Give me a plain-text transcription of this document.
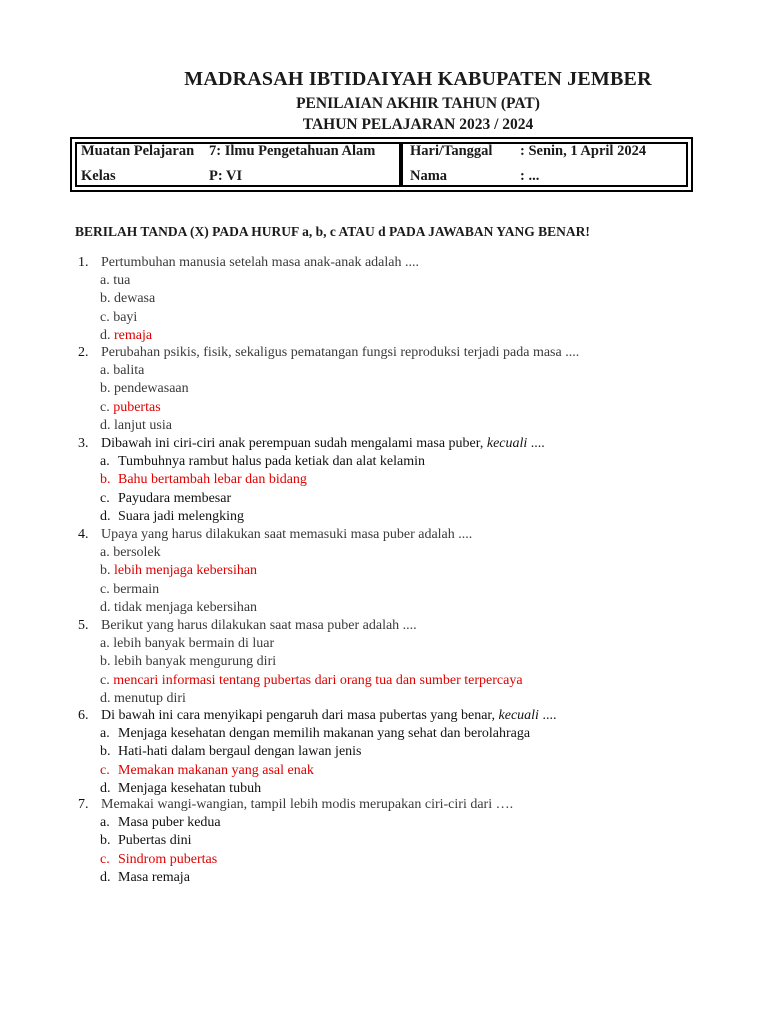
MADRASAH IBTIDAIYAH KABUPATEN JEMBER
PENILAIAN AKHIR TAHUN (PAT)
TAHUN PELAJARAN 2023 / 2024
Muatan Pelajaran 7: Ilmu Pengetahuan Alam
Kelas	P: VI
Hari/Tanggal : Senin, 1 April 2024
Nama	: ...
BERILAH TANDA (X) PADA HURUF a, b, c ATAU d PADA JAWABAN YANG BENAR!
1. Pertumbuhan manusia setelah masa anak-anak adalah ....
a. tua
b. dewasa
c. bayi
d. remaja
2. Perubahan psikis, fisik, sekaligus pematangan fungsi reproduksi terjadi pada masa ....
a. balita
b. pendewasaan
c. pubertas
d. lanjut usia
3. Dibawah ini ciri-ciri anak perempuan sudah mengalami masa puber, kecuali ....
a. Tumbuhnya rambut halus pada ketiak dan alat kelamin
b. Bahu bertambah lebar dan bidang
c. Payudara membesar
d. Suara jadi melengking
4. Upaya yang harus dilakukan saat memasuki masa puber adalah ....
a. bersolek
b. lebih menjaga kebersihan
c. bermain
d. tidak menjaga kebersihan
5. Berikut yang harus dilakukan saat masa puber adalah ....
a. lebih banyak bermain di luar
b. lebih banyak mengurung diri
c. mencari informasi tentang pubertas dari orang tua dan sumber terpercaya
d. menutup diri
6. Di bawah ini cara menyikapi pengaruh dari masa pubertas yang benar, kecuali ....
a. Menjaga kesehatan dengan memilih makanan yang sehat dan berolahraga
b. Hati-hati dalam bergaul dengan lawan jenis
c. Memakan makanan yang asal enak
d. Menjaga kesehatan tubuh
7. Memakai wangi-wangian, tampil lebih modis merupakan ciri-ciri dari ….
a. Masa puber kedua
b. Pubertas dini
c. Sindrom pubertas
d. Masa remaja
